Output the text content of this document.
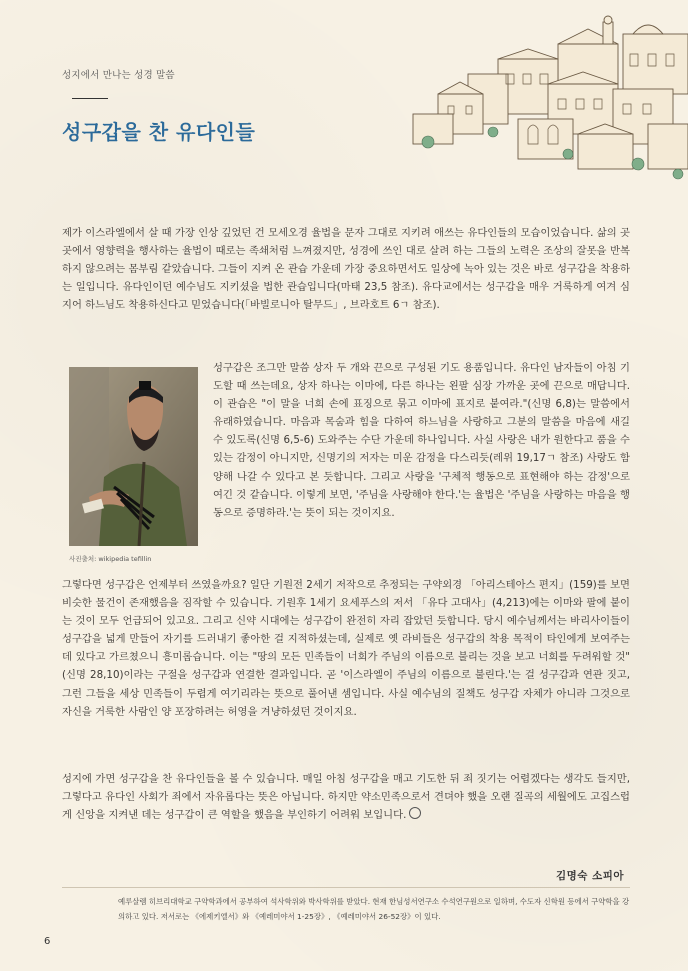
성지에서 만나는 성경 말씀
성구갑을 찬 유다인들

제가 이스라엘에서 살 때 가장 인상 깊었던 건 모세오경 율법을 문자 그대로 지키려 애쓰는 유다인들의 모습이었습니다. 삶의 곳곳에서 영향력을 행사하는 율법이 때로는 족쇄처럼 느껴졌지만, 성경에 쓰인 대로 살려 하는 그들의 노력은 조상의 잘못을 반복하지 않으려는 몸부림 같았습니다. 그들이 지켜 온 관습 가운데 가장 중요하면서도 일상에 녹아 있는 것은 바로 성구갑을 착용하는 일입니다. 유다인이던 예수님도 지키셨을 법한 관습입니다(마태 23,5 참조). 유다교에서는 성구갑을 매우 거룩하게 여겨 심지어 하느님도 착용하신다고 믿었습니다(「바빌로니아 탈무드」, 브라호트 6ㄱ 참조).

사진출처: wikipedia tefillin

성구갑은 조그만 말씀 상자 두 개와 끈으로 구성된 기도 용품입니다. 유다인 남자들이 아침 기도할 때 쓰는데요, 상자 하나는 이마에, 다른 하나는 왼팔 심장 가까운 곳에 끈으로 매답니다. 이 관습은 "이 말을 너희 손에 표징으로 묶고 이마에 표지로 붙여라."(신명 6,8)는 말씀에서 유래하였습니다. 마음과 목숨과 힘을 다하여 하느님을 사랑하고 그분의 말씀을 마음에 새길 수 있도록(신명 6,5-6) 도와주는 수단 가운데 하나입니다. 사실 사랑은 내가 원한다고 품을 수 있는 감정이 아니지만, 신명기의 저자는 미운 감정을 다스리듯(레위 19,17ㄱ 참조) 사랑도 함양해 나갈 수 있다고 본 듯합니다. 그리고 사랑을 '구체적 행동으로 표현해야 하는 감정'으로 여긴 것 같습니다. 이렇게 보면, '주님을 사랑해야 한다.'는 율법은 '주님을 사랑하는 마음을 행동으로 증명하라.'는 뜻이 되는 것이지요.

그렇다면 성구갑은 언제부터 쓰였을까요? 일단 기원전 2세기 저작으로 추정되는 구약외경 「아리스테아스 편지」(159)를 보면 비슷한 물건이 존재했음을 짐작할 수 있습니다. 기원후 1세기 요세푸스의 저서 「유다 고대사」(4,213)에는 이마와 팔에 붙이는 것이 모두 언급되어 있고요. 그리고 신약 시대에는 성구갑이 완전히 자리 잡았던 듯합니다. 당시 예수님께서는 바리사이들이 성구갑을 넓게 만들어 자기를 드러내기 좋아한 걸 지적하셨는데, 실제로 옛 라비들은 성구갑의 착용 목적이 타인에게 보여주는 데 있다고 가르쳤으니 흥미롭습니다. 이는 "땅의 모든 민족들이 너희가 주님의 이름으로 불리는 것을 보고 너희를 두려워할 것"(신명 28,10)이라는 구절을 성구갑과 연결한 결과입니다. 곧 '이스라엘이 주님의 이름으로 불린다.'는 걸 성구갑과 연관 짓고, 그런 그들을 세상 민족들이 두렵게 여기리라는 뜻으로 풀어낸 셈입니다. 사실 예수님의 질책도 성구갑 자체가 아니라 그것으로 자신을 거룩한 사람인 양 포장하려는 허영을 겨냥하셨던 것이지요.

성지에 가면 성구갑을 찬 유다인들을 볼 수 있습니다. 매일 아침 성구갑을 매고 기도한 뒤 죄 짓기는 어렵겠다는 생각도 들지만, 그렇다고 유다인 사회가 죄에서 자유롭다는 뜻은 아닙니다. 하지만 약소민족으로서 견뎌야 했을 오랜 질곡의 세월에도 고집스럽게 신앙을 지켜낸 데는 성구갑이 큰 역할을 했음을 부인하기 어려워 보입니다.

김명숙 소피아
예루살렘 히브리대학교 구약학과에서 공부하여 석사학위와 박사학위를 받았다. 현재 한님성서연구소 수석연구원으로 일하며, 수도자 신학원 등에서 구약학을 강의하고 있다. 저서로는 《에제키엘서》와 《예레미야서 1-25장》, 《예레미야서 26-52장》이 있다.
6
